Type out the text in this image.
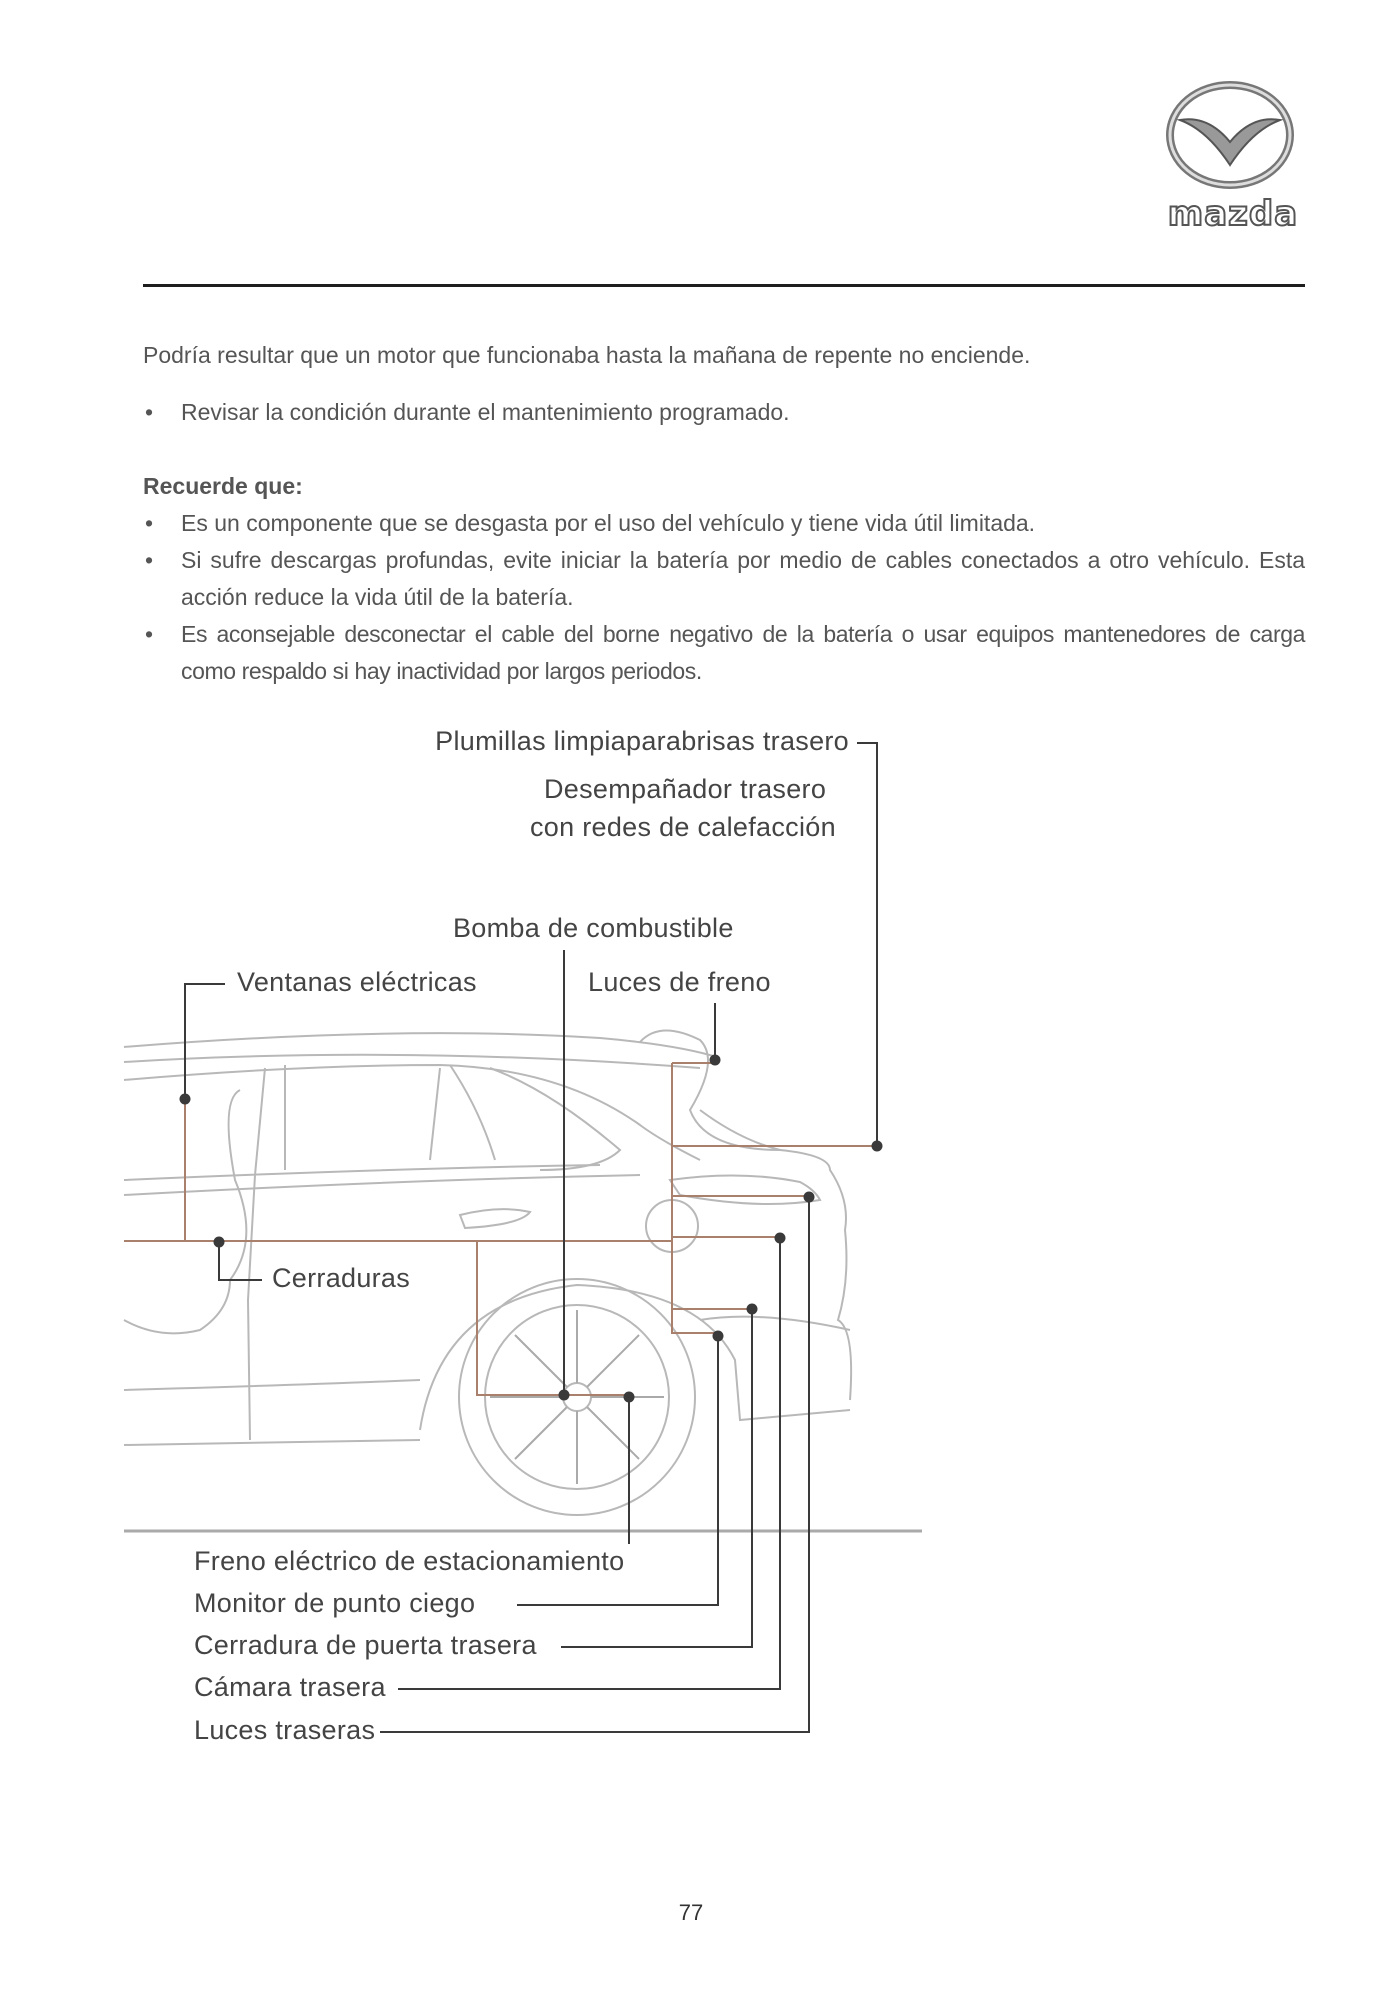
mazda
Podría resultar que un motor que funcionaba hasta la mañana de repente no enciende.
• Revisar la condición durante el mantenimiento programado.
Recuerde que:
• Es un componente que se desgasta por el uso del vehículo y tiene vida útil limitada.
• Si sufre descargas profundas, evite iniciar la batería por medio de cables conectados a otro vehículo. Esta acción reduce la vida útil de la batería.
• Es aconsejable desconectar el cable del borne negativo de la batería o usar equipos mantenedores de carga como respaldo si hay inactividad por largos periodos.
Plumillas limpiaparabrisas trasero
Desempañador trasero
con redes de calefacción
Bomba de combustible
Ventanas eléctricas	Luces de freno
Cerraduras
Freno eléctrico de estacionamiento
Monitor de punto ciego
Cerradura de puerta trasera
Cámara trasera
Luces traseras
77
